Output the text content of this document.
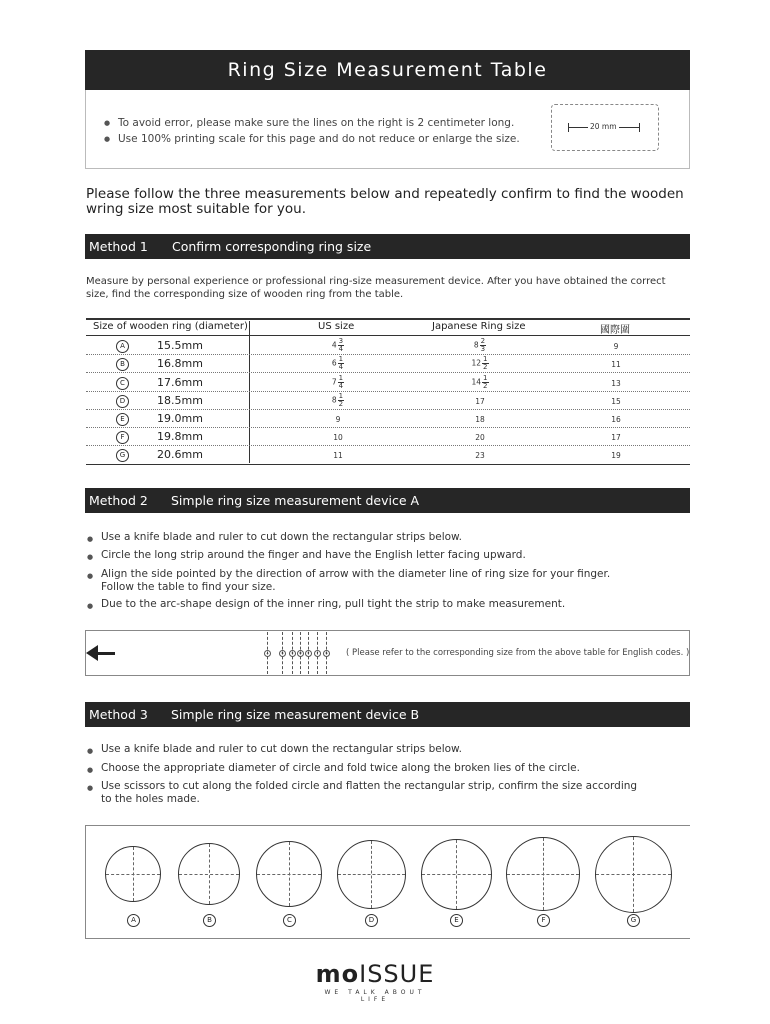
Ring Size Measurement Table
● To avoid error, please make sure the lines on the right is 2 centimeter long.
● Use 100% printing scale for this page and do not reduce or enlarge the size.
20 mm
Please follow the three measurements below and repeatedly confirm to find the wooden wring size most suitable for you.
Method 1 Confirm corresponding ring size
Measure by personal experience or professional ring-size measurement device. After you have obtained the correct size, find the corresponding size of wooden ring from the table.
Size of wooden ring (diameter)	US size	Japanese Ring size	國際圍
A	15.5mm	$4 \frac{3}{4}$	$8 \frac{2}{3}$	9
B	16.8mm	$6 \frac{1}{4}$	$12 \frac{1}{2}$	11
C	17.6mm	$7 \frac{1}{4}$	$14 \frac{1}{2}$	13
D	18.5mm	$8 \frac{1}{2}$	17	15
E	19.0mm	9	18	16
F	19.8mm	10	20	17
G	20.6mm	11	23	19
Method 2 Simple ring size measurement device A
● Use a knife blade and ruler to cut down the rectangular strips below.
● Circle the long strip around the finger and have the English letter facing upward.
● Align the side pointed by the direction of arrow with the diameter line of ring size for your finger.
Follow the table to find your size.
● Due to the arc-shape design of the inner ring, pull tight the strip to make measurement.
A	B	C	D	E	F	G ( Please refer to the corresponding size from the above table for English codes. )
Method 3 Simple ring size measurement device B
● Use a knife blade and ruler to cut down the rectangular strips below.
● Choose the appropriate diameter of circle and fold twice along the broken lies of the circle.
● Use scissors to cut along the folded circle and flatten the rectangular strip, confirm the size according
to the holes made.
A	B	C	D	E	F	G
moISSUE
WE TALK ABOUT LIFE
